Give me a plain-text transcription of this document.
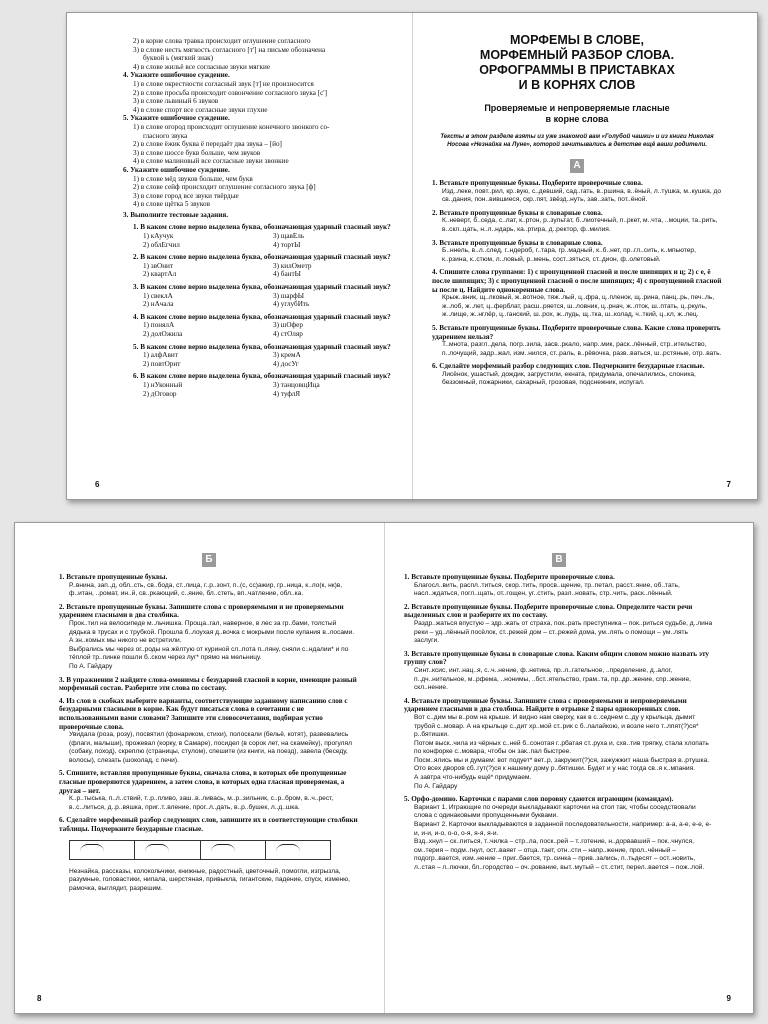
2) в корне слова травка происходит оглушение согласного
3) в слове несть мягкость согласного [т'] на письме обозначена
буквой ь (мягкий знак)
4) в слове жильё все согласные звуки мягкие
4. Укажите ошибочное суждение.
1) в слове окрестности согласный звук [т] не произносится
2) в слове просьба происходит озвончение согласного звука [с']
3) в слове львиный 6 звуков
4) в слове спорт все согласные звуки глухие
5. Укажите ошибочное суждение.
1) в слове огород происходит оглушение конечного звонкого со-
гласного звука
2) в слове ёжик буква ё передаёт два звука – [йо]
3) в слове шоссе букв больше, чем звуков
4) в слове малиновый все согласные звуки звонкие
6. Укажите ошибочное суждение.
1) в слове мёд звуков больше, чем букв
2) в слове сейф происходит оглушение согласного звука [ф]
3) в слове город все звуки твёрдые
4) в слове щётка 5 звуков
3. Выполните тестовые задания.
1. В каком слове верно выделена буква, обозначающая ударный гласный звук?
1) кАучук	3) щавЕль
2) облЕгчил	4) тортЫ
2. В каком слове верно выделена буква, обозначающая ударный гласный звук?
1) звОнит	3) килОметр
2) квартАл	4) бантЫ
3. В каком слове верно выделена буква, обозначающая ударный гласный звук?
1) свеклА	3) шарфЫ
2) нАчала	4) углубИть
4. В каком слове верно выделена буква, обозначающая ударный гласный звук?
1) понялА	3) шОфер
2) долОжила	4) стОляр
5. В каком слове верно выделена буква, обозначающая ударный гласный звук?
1) алфАвит	3) кремА
2) повтОрит	4) досУг
6. В каком слове верно выделена буква, обозначающая ударный гласный звук?
1) нУконный	3) танцовщИца
2) дОговор	4) туфлЯ
6
МОРФЕМЫ В СЛОВЕ,
МОРФЕМНЫЙ РАЗБОР СЛОВА.
ОРФОГРАММЫ В ПРИСТАВКАХ
И В КОРНЯХ СЛОВ
Проверяемые и непроверяемые гласные
в корне слова
Тексты в этом разделе взяты из уже знакомой вам «Голубой чашки» и из книги Николая Носова «Незнайка на Луне», которой зачитывались в детстве ещё ваши родители.
А
1. Вставьте пропущенные буквы. Подберите проверочные слова.
Изд..леке, повт..рил, кр..вую, с..девший, сад..гать, в..ршина, в..ёный, л..тушка, м..кушка, до св..дания, пон..вившиеся, скр..пят, звёзд..нуть, зав..зать, пот..ёной.
2. Вставьте пропущенные буквы в словарные слова.
К..неверт, б..седа, с..лат, к..ртон, р..зультат, б..лиотечный, п..ркет, м..чта, ..моции, та..рить, в..скл..цать, н..л..ндарь, ка..ртира, д..ректор, ф..милия.
3. Вставьте пропущенные буквы в словарные слова.
Б..ннель, в..л..след, г..ндероб, г..тара, гр..мадный, к..б..нет, пр..гл..сить, к..мпьютер, к..рзина, к..стюм, л..ловый, р..мень, сост..зяться, ст..дион, ф..олетовый.
4. Спишите слова группами: 1) с пропущенной гласной и после шипящих и ц; 2) с е, ё после шипящих; 3) с пропущенной гласной о после шипящих; 4) с пропущенной гласной ы после ц. Найдите однокоренные слова.
Крыж..вник, щ..лковый, ж..вотное, тяж..лый, ц..фра, ц..пленок, щ..рина, панц..рь, печ..ль, ж..лоб, ж..лет, ц..ферблат, расш..ряется, ш..ловник, ц..рнач, ж..лток, ш..птать, ц..ркуль, ж..лище, ж..нглёр, ц..ганский, ш..рох, ж..лудь, щ..тка, ш..колад, ч..ткий, ц..кл, ж..лец.
5. Вставьте пропущенные буквы. Подберите проверочные слова. Какие слова проверить ударением нельзя?
Т..мнота, разгл..дела, погр..зила, засв..ркало, напр..мик, раск..лённый, стр..ительство, п..лочущий, задр..жал, изм..нился, ст..раль, в..рёвочка, разв..ваться, ш..рстяные, отр..вать.
6. Сделайте морфемный разбор следующих слов. Подчеркните безударные гласные.
Лисёнок, ушастый, дождик, загрустили, екната, придумала, опечалились, слоника, беззомный, пожарники, сахарный, грозовая, подснежник, испугал.
7
Б
1. Вставьте пропущенные буквы.
Р..внина, зап..д, обл..сть, св..бода, ст..лица, г..р..зонт, п..(с, сс)ажир, гр..ница, к..ло(к, нк)в, ф..итан, ..ромат, ин..й, св..ркающий, с..яние, бл..стеть, вп..чатление, обл..ка.
2. Вставьте пропущенные буквы. Запишите слова с проверяемыми и не проверяемыми ударением гласными в два столбика.
Прок..тил на велосипеде м..льчишка. Проща..гал, наверное, в лес за гр..бами, толстый дядька в трусах и с трубкой. Прошла б..лоухая д..вочка с мокрыми после купания в..лосами. А зн..комых мы никого не встретили.
Выбрались мы через ог..роды на жёлтую от куриной сл..пота п..ляну, сняли с..ндалии* и по тёплой тр..пинке пошли б..ском через луг* прямо на мельницу.
По А. Гайдару
3. В упражнении 2 найдите слова-омонимы с безударной гласной в корне, имеющие разный морфемный состав. Разберите эти слова по составу.
4. Из слов в скобках выберите варианты, соответствующие заданному написанию слов с безударными гласными в корне. Как будут писаться слова в сочетании с не использованными вами словами? Запишите эти словосочетания, подбирая устно проверочные слова.
Увидала (роза, розу), посвятил (фонариком, стихи), полоскали (бельё, котят), развевались (флаги, малыши), прожевал (корку, в Самаре), посидел (в сорок лет, на скамейку), прогулял (собаку, поход), скреплю (страницы, стулом), спешите (из книги, на поезд), завела (беседу, волосы), слезать (шоколад, с печи).
5. Спишите, вставляя пропущенные буквы, сначала слова, в которых обе пропущенные гласные проверяются ударением, а затем слова, в которых одна гласная проверяемая, а другая – нет.
К..р..тыська, п..л..ствий, т..р..пливо, заш..в..ливась, м..р..зильник, с..р..бром, в..ч..рест, в..с..литься, д..р..вяшка, приг..т..вление, прог..л..дать, в..р..бушек, л..д..шка.
6. Сделайте морфемный разбор следующих слов, запишите их в соответствующие столбики таблицы. Подчеркните безударные гласные.
Незнайка, рассказы, колокольчики, книжные, радостный, цветочный, помогли, изгрызла, разумные, головастики, нипала, шерстяная, привыкла, гигантские, падение, спуск, изменю, рамочка, выглядит, разрешим.
8
В
1. Вставьте пропущенные буквы. Подберите проверочные слова.
Благосл..вить, распл..титься, скор..тить, просв..щение, тр..петал, расст..яние, об..тать, насл..ждаться, погл..щать, от..гощен, уг..стить, разл..новать, стр..чить, раск..лённый.
2. Вставьте пропущенные буквы. Подберите проверочные слова. Определите части речи выделенных слов и разберите их по составу.
Раздр..жаться впустую – здр..жать от страха, пок..рать преступника – пок..риться судьбе, д..лина реки – уд..лённый посёлок, ст..режей дом – ст..режей дома, ум..лять о помощи – ум..лять заслуги.
3. Вставьте пропущенные буквы в словарные слова. Каким общим словом можно назвать эту группу слов?
Синт..ксис, инт..нац..я, с..ч..нение, ф..нетика, пр..л..гательное, ..пределение, д..алог, п..дч..нительное, м..рфема, ..нонимы, ..бст..ятельство, грам..та, пр..др..жение, спр..жение, скл..нение.
4. Вставьте пропущенные буквы. Запишите слова с проверяемыми и непроверяемыми ударением гласными в два столбика. Найдите в отрывке 2 пары однокоренных слов.
Вот с..дим мы в..ром на крыше. И видно нам сверху, как в с..седнем с..ду у крыльца, дымит трубой с..мовар. А на крыльце с..дит хр..мой ст..рик с б..лалайкою, и возле него т..лпят(?)ся* р..бятишки.
Потом выск..чила из чёрных с..ней б..сонотая г..рбатая ст..руха и, схв..тив тряпку, стала хлопать по конфорке с..мовара, чтобы он зак..пал быстрее.
Посм..ялись мы и думаем: вот подует* вет..р, закружит(?)ся, зажужжит наша быстрая в..ртушка. Ото всех дворов сб..гут(?)ся к нашему дому р..бятишки. Будет и у нас тогда св..я к..мпания.
А завтра что-нибудь ещё* придумаем.
По А. Гайдару
5. Орфо-домино. Карточки с парами слов поровну сдаются играющим (командам).
Вариант 1. Играющие по очереди выкладывают карточки на стол так, чтобы соседствовали слова с одинаковыми пропущенными буквами.
Вариант 2. Карточки выкладываются в заданной последовательности, например: а-а, а-е, е-е, е-и, и-и, и-о, о-о, о-я, я-я, я-и.
Взд..хнул – ск..питься, т..чилка – стр..ла, поск..рей – т..готение, н..дорвавший – пок..чнулся, см..терия – подм..гнул, ост..ваяет – отца..тает, отн..сти – напр..жение, прол..чённый – подогр..вается, изм..нение – приг..бается, тр..синка – прив..зались, п..тьдесят – ост..новить, л..стая – л..пючки, бл..городство – оч..рование, выт..мутый – ст..стит, перел..вается – пож..лой.
9
